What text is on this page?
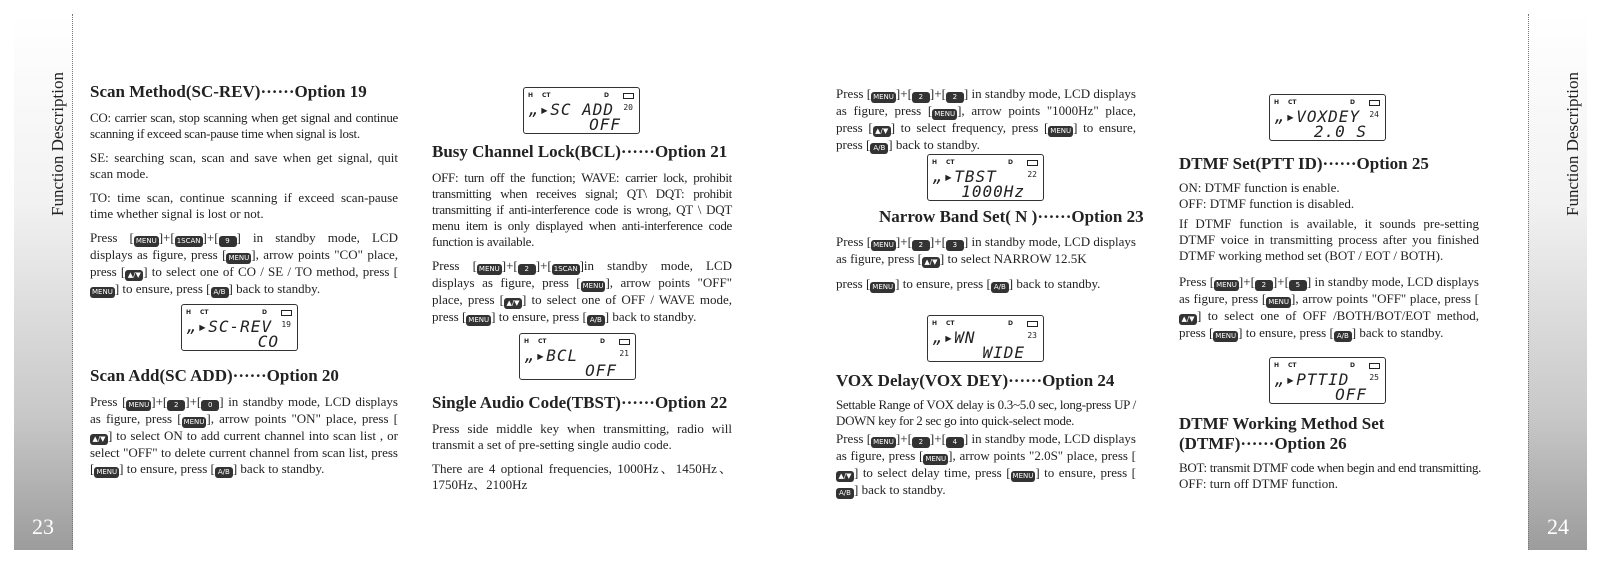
Function Description
23
Function Description
24
Scan Method(SC-REV)······Option 19

CO: carrier scan, stop scanning when get signal and continue scanning if exceed scan-pause time when signal is lost.

SE: searching scan, scan and save when get signal, quit scan mode.

TO: time scan, continue scanning if exceed scan-pause time whether signal is lost or not.

Press [ MENU ]+[ 1SCAN ]+[ 9 ] in standby mode, LCD displays as figure, press [ MENU ], arrow points "CO" place, press [ ▲/▼ ] to select one of CO / SE / TO method, press [MENU ] to ensure, press [ A/B ] back to standby.

H CT	D
„▸SC-REV 19
CO
Scan Add(SC ADD)······Option 20

Press [ MENU ]+[ 2 ]+[ 0 ] in standby mode, LCD displays as figure, press [ MENU ], arrow points "ON" place, press [▲/▼ ] to select ON to add current channel into scan list , or select "OFF" to delete current channel from scan list, press [ MENU ] to ensure, press [ A/B ] back to standby.

H CT	D
„▸SC ADD 20
OFF
Busy Channel Lock(BCL)······Option 21

OFF: turn off the function; WAVE: carrier lock, prohibit transmitting when receives signal; QT\ DQT: prohibit transmitting if anti-interference code is wrong, QT \ DQT menu item is only displayed when anti-interference code function is available.

Press [ MENU ]+[ 2 ]+[ 1SCAN ]in standby mode, LCD displays as figure, press [ MENU ], arrow points "OFF" place, press [ ▲/▼ ] to select one of OFF / WAVE mode, press [ MENU ] to ensure, press [ A/B ] back to standby.

H CT	D
„▸BCL	21
OFF
Single Audio Code(TBST)······Option 22

Press side middle key when transmitting, radio will transmit a set of pre-setting single audio code.

There are 4 optional frequencies, 1000Hz、1450Hz、1750Hz、2100Hz

Press [ MENU ]+[ 2 ]+[ 2 ] in standby mode, LCD displays as figure, press [ MENU ], arrow points "1000Hz" place, press [ ▲/▼ ] to select frequency, press [ MENU ] to ensure, press [ A/B ] back to standby.

H CT	D
„▸TBST	22
1000Hz
Narrow Band Set( N )······Option 23

Press [ MENU ]+[ 2 ]+[ 3 ] in standby mode, LCD displays as figure, press [ ▲/▼ ] to select NARROW 12.5K

press [ MENU ] to ensure, press [ A/B ] back to standby.

H CT	D
„▸WN	23
WIDE
VOX Delay(VOX DEY)······Option 24

Settable Range of VOX delay is 0.3~5.0 sec, long-press UP / DOWN key for 2 sec go into quick-select mode.

Press [ MENU ]+[ 2 ]+[ 4 ] in standby mode, LCD displays as figure, press [ MENU ], arrow points "2.0S" place, press [▲/▼ ] to select delay time, press [ MENU ] to ensure, press [A/B ] back to standby.

H CT	D
„▸VOXDEY 24
2.0 S
DTMF Set(PTT ID)······Option 25

ON: DTMF function is enable.

OFF: DTMF function is disabled.

If DTMF function is available, it sounds pre-setting DTMF voice in transmitting process after you finished DTMF working method set (BOT / EOT / BOTH).

Press [ MENU ]+[ 2 ]+[ 5 ] in standby mode, LCD displays as figure, press [ MENU ], arrow points "OFF" place, press [▲/▼ ] to select one of OFF /BOTH/BOT/EOT method, press [ MENU ] to ensure, press [ A/B ] back to standby.

H CT	D
„▸PTTID 25
OFF
DTMF Working Method Set
(DTMF)······Option 26

BOT: transmit DTMF code when begin and end transmitting.

OFF: turn off DTMF function.
